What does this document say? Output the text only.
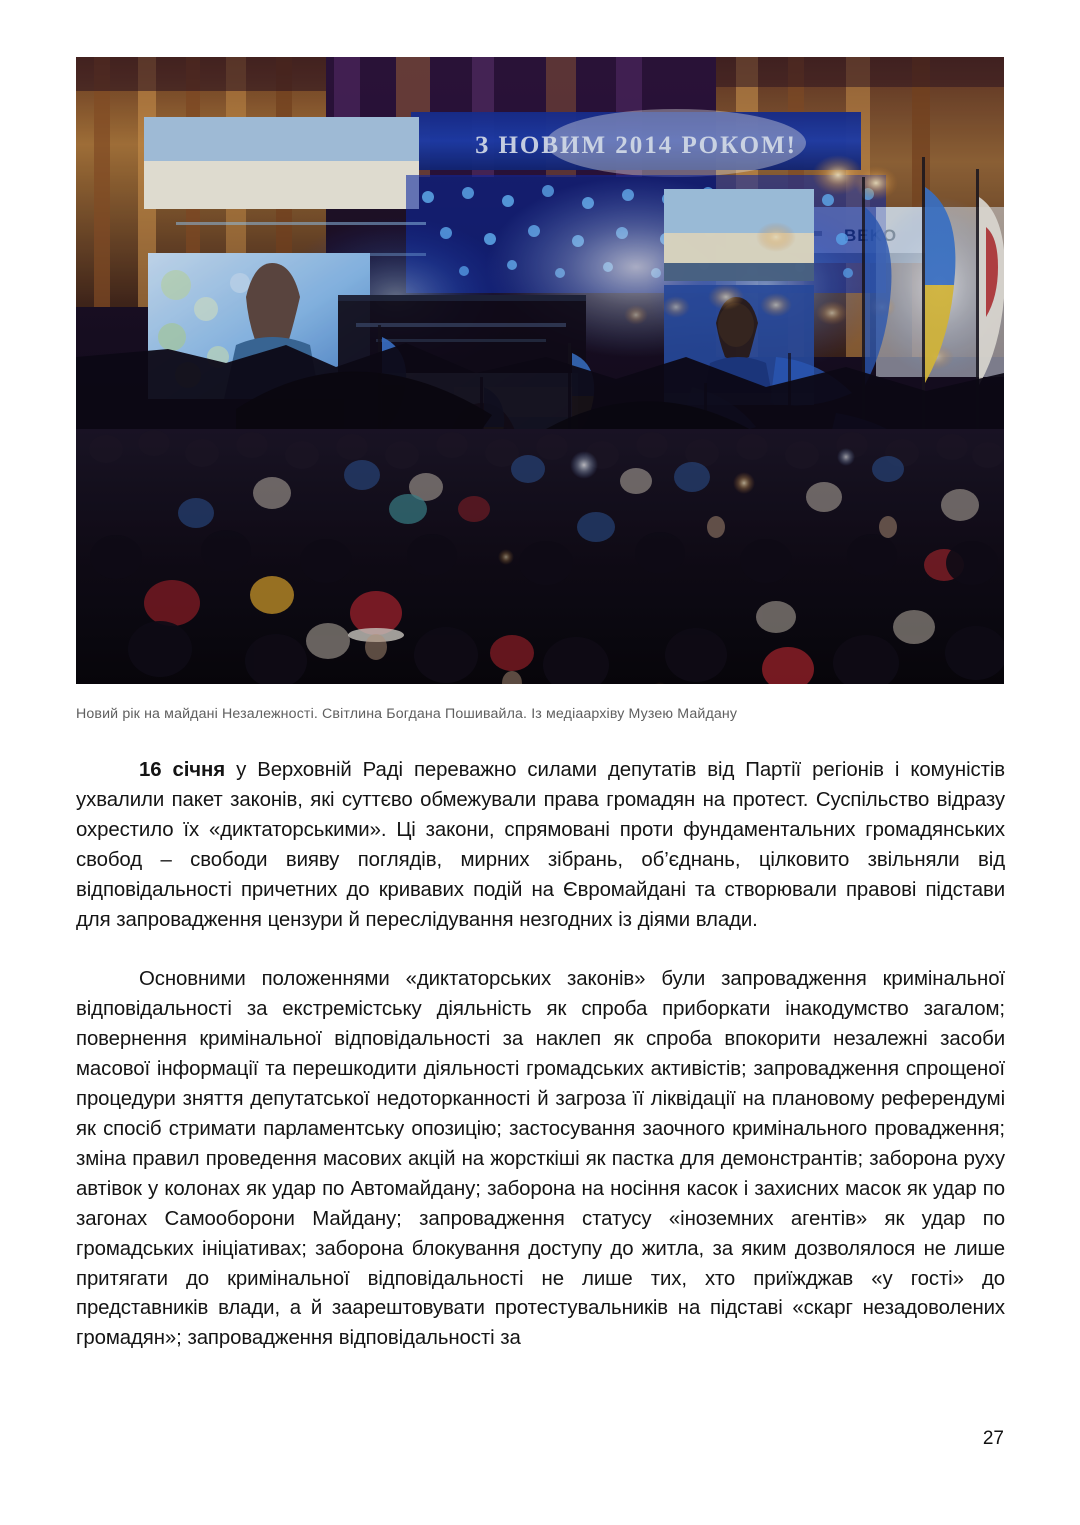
З НОВИМ 2014 РОКОМ!
Новий рік на майдані Незалежності. Світлина Богдана Пошивайла. Із медіаархіву Музею Майдану

16 січня у Верховній Раді переважно силами депутатів від Партії регіонів і комуністів ухвалили пакет законів, які суттєво обмежували права громадян на протест. Суспільство відразу охрестило їх «диктаторськими». Ці закони, спрямовані проти фундаментальних громадянських свобод – свободи вияву поглядів, мирних зібрань, об’єднань, цілковито звільняли від відповідальності причетних до кривавих подій на Євромайдані та створювали правові підстави для запровадження цензури й переслідування незгодних із діями влади.

Основними положеннями «диктаторських законів» були запровадження кримінальної відповідальності за екстремістську діяльність як спроба приборкати інакодумство загалом; повернення кримінальної відповідальності за наклеп як спроба впокорити незалежні засоби масової інформації та перешкодити діяльності громадських активістів; запровадження спрощеної процедури зняття депутатської недоторканності й загроза її ліквідації на плановому референдумі як спосіб стримати парламентську опозицію; застосування заочного кримінального провадження; зміна правил проведення масових акцій на жорсткіші як пастка для демонстрантів; заборона руху автівок у колонах як удар по Автомайдану; заборона на носіння касок і захисних масок як удар по загонах Самооборони Майдану; запровадження статусу «іноземних агентів» як удар по громадських ініціативах; заборона блокування доступу до житла, за яким дозволялося не лише притягати до кримінальної відповідальності не лише тих, хто приїжджав «у гості» до представників влади, а й заарештовувати протестувальників на підставі «скарг незадоволених громадян»; запровадження відповідальності за

27
